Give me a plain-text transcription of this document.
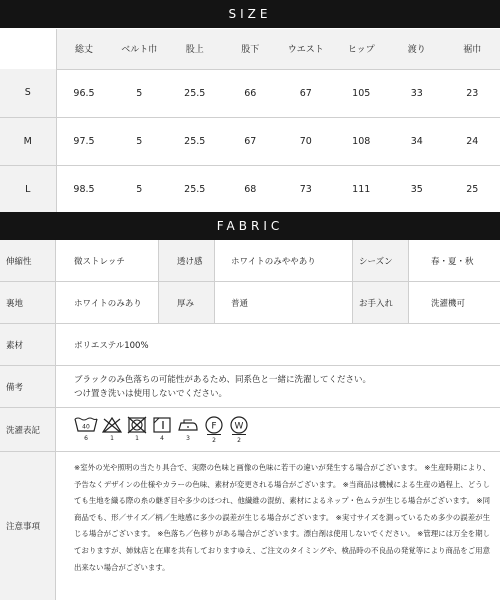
SIZE
	総丈	ベルト巾	股上	股下	ウエスト	ヒップ	渡り	裾巾
S	96.5	5	25.5	66	67	105	33	23
M	97.5	5	25.5	67	70	108	34	24
L	98.5	5	25.5	68	73	111	35	25
FABRIC
伸縮性	微ストレッチ	透け感	ホワイトのみややあり	シーズン	春・夏・秋
裏地	ホワイトのみあり	厚み	普通	お手入れ	洗濯機可
素材	ポリエステル100%
備考
ブラックのみ色落ちの可能性があるため、同系色と一緒に洗濯してください。
つけ置き洗いは使用しないでください。
洗濯表記	40
6	1	1	4	3
F
2
W
2
注意事項
※室外の光や照明の当たり具合で、実際の色味と画像の色味に若干の違いが発生する場合がございます。 ※生産時期により、予告なくデザインの仕様やカラーの色味、素材が変更される場合がございます。 ※当商品は機械による生産の過程上、どうしても生地を織る際の糸の継ぎ目や多少のほつれ、他繊維の混紡、素材によるネップ・色ムラが生じる場合がございます。 ※同商品でも、形／サイズ／柄／生地感に多少の誤差が生じる場合がございます。 ※実寸サイズを測っているため多少の誤差が生じる場合がございます。 ※色落ち／色移りがある場合がございます。漂白剤は使用しないでください。 ※管理には万全を期しておりますが、姉妹店と在庫を共有しておりますゆえ、ご注文のタイミングや、検品時の不良品の発覚等により商品をご用意出来ない場合がございます。
